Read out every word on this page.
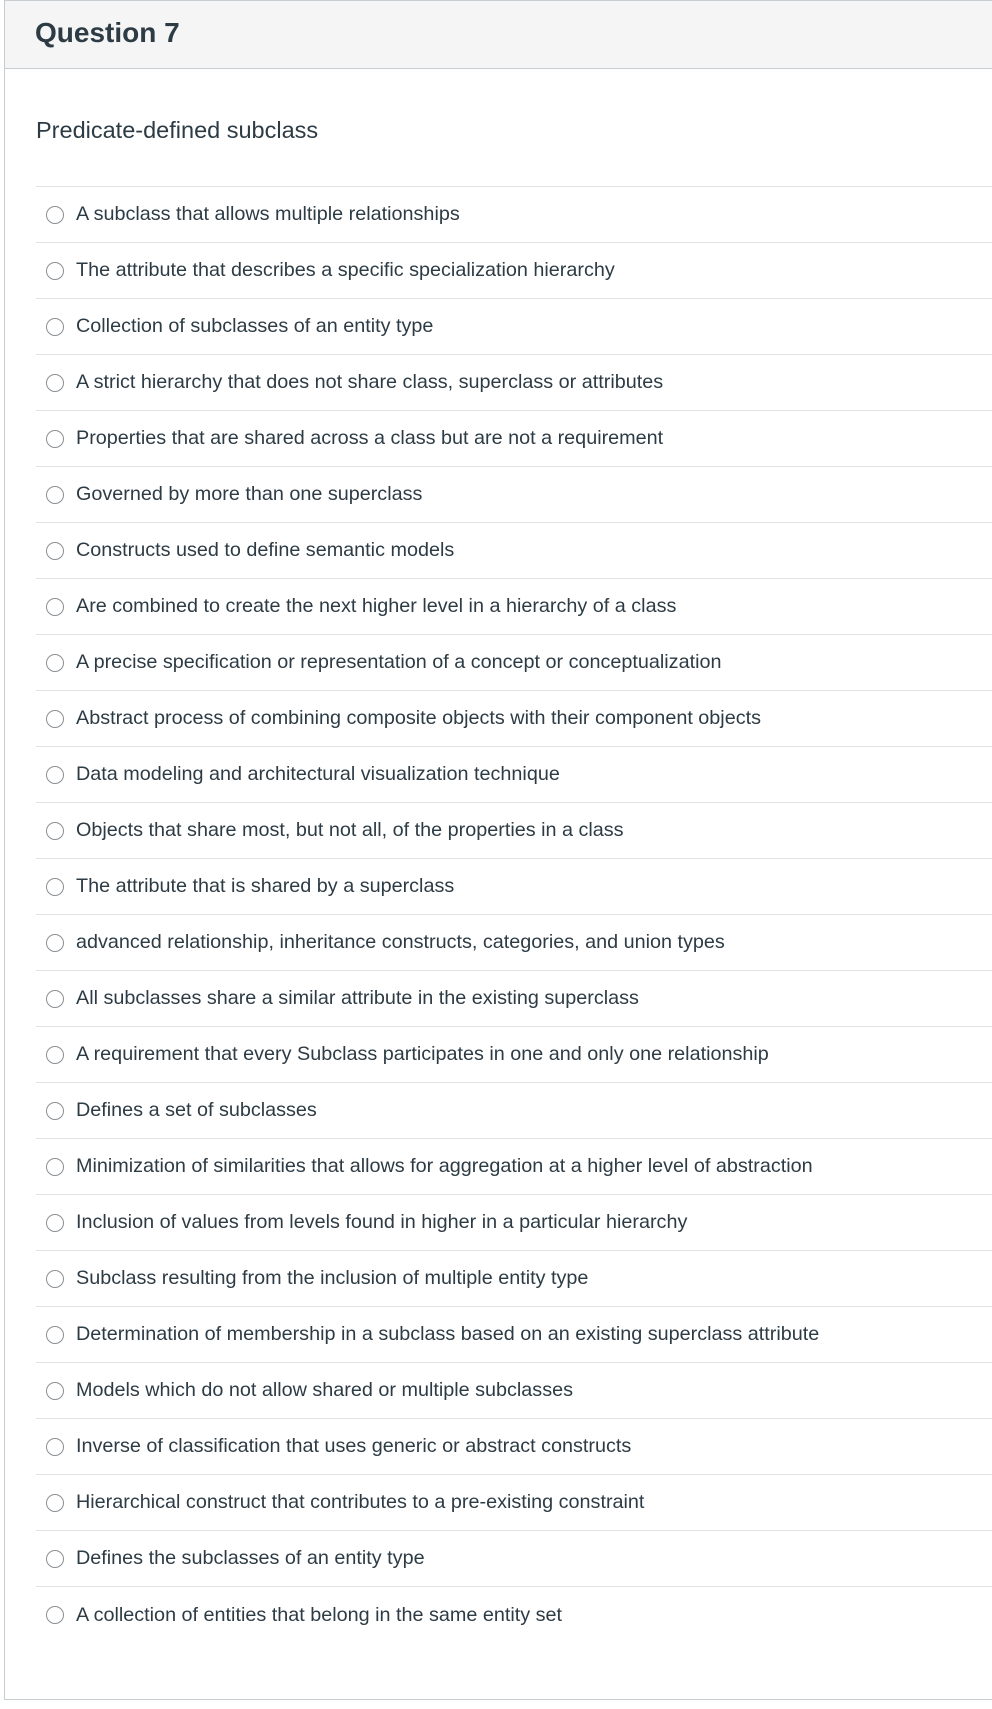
Question 7

Predicate-defined subclass

A subclass that allows multiple relationships
The attribute that describes a specific specialization hierarchy
Collection of subclasses of an entity type
A strict hierarchy that does not share class, superclass or attributes
Properties that are shared across a class but are not a requirement
Governed by more than one superclass
Constructs used to define semantic models
Are combined to create the next higher level in a hierarchy of a class
A precise specification or representation of a concept or conceptualization
Abstract process of combining composite objects with their component objects
Data modeling and architectural visualization technique
Objects that share most, but not all, of the properties in a class
The attribute that is shared by a superclass
advanced relationship, inheritance constructs, categories, and union types
All subclasses share a similar attribute in the existing superclass
A requirement that every Subclass participates in one and only one relationship
Defines a set of subclasses
Minimization of similarities that allows for aggregation at a higher level of abstraction
Inclusion of values from levels found in higher in a particular hierarchy
Subclass resulting from the inclusion of multiple entity type
Determination of membership in a subclass based on an existing superclass attribute
Models which do not allow shared or multiple subclasses
Inverse of classification that uses generic or abstract constructs
Hierarchical construct that contributes to a pre-existing constraint
Defines the subclasses of an entity type
A collection of entities that belong in the same entity set
